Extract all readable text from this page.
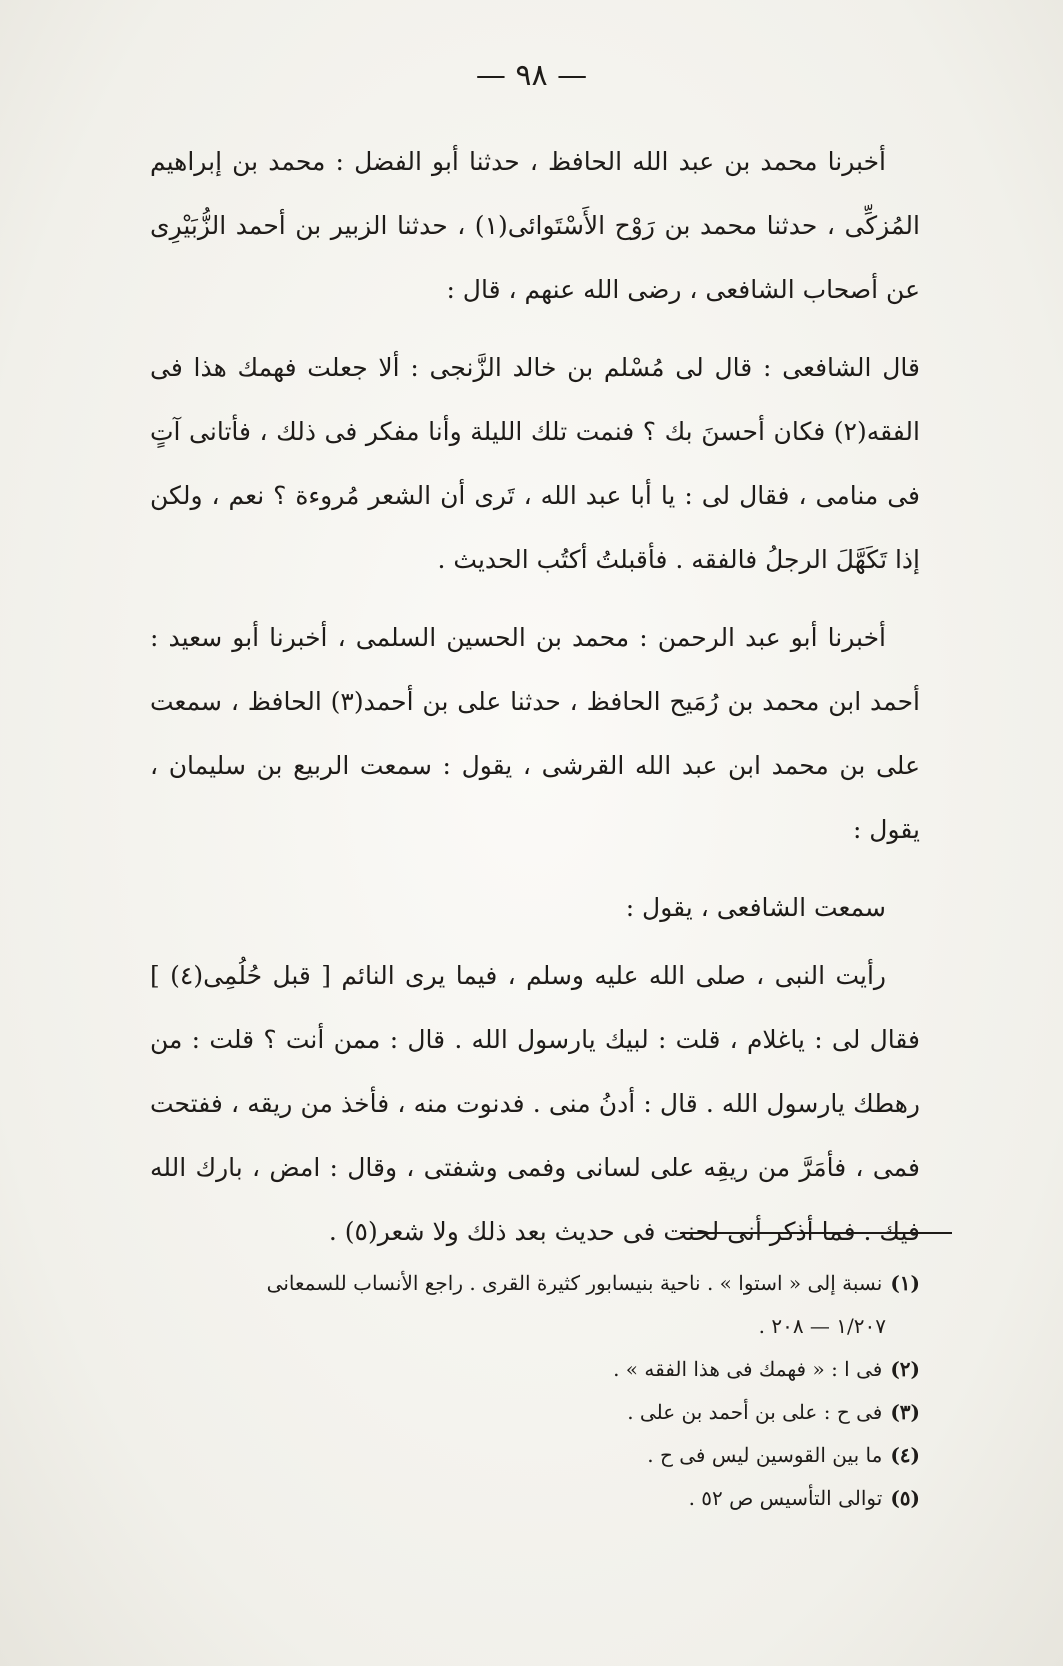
— ٩٨ —

أخبرنا محمد بن عبد الله الحافظ ، حدثنا أبو الفضل : محمد بن إبراهيم المُزكِّى ، حدثنا محمد بن رَوْح الأَسْتَوائى(١) ، حدثنا الزبير بن أحمد الزُّبَيْرِى عن أصحاب الشافعى ، رضى الله عنهم ، قال :

قال الشافعى : قال لى مُسْلم بن خالد الزَّنجى : ألا جعلت فهمك هذا فى الفقه(٢) فكان أحسنَ بك ؟ فنمت تلك الليلة وأنا مفكر فى ذلك ، فأتانى آتٍ فى منامى ، فقال لى : يا أبا عبد الله ، تَرى أن الشعر مُروءة ؟ نعم ، ولكن إذا تَكَهَّلَ الرجلُ فالفقه . فأقبلتُ أكتُب الحديث .

أخبرنا أبو عبد الرحمن : محمد بن الحسين السلمى ، أخبرنا أبو سعيد : أحمد ابن محمد بن رُمَيح الحافظ ، حدثنا على بن أحمد(٣) الحافظ ، سمعت على بن محمد ابن عبد الله القرشى ، يقول : سمعت الربيع بن سليمان ، يقول :

سمعت الشافعى ، يقول :

رأيت النبى ، صلى الله عليه وسلم ، فيما يرى النائم [ قبل حُلُمِى(٤) ] فقال لى : ياغلام ، قلت : لبيك يارسول الله . قال : ممن أنت ؟ قلت : من رهطك يارسول الله . قال : أدنُ منى . فدنوت منه ، فأخذ من ريقه ، ففتحت فمى ، فأمَرَّ من ريقِه على لسانى وفمى وشفتى ، وقال : امض ، بارك الله فيك . فما أذكر أنى لحنت فى حديث بعد ذلك ولا شعر(٥) .

(١)نسبة إلى « استوا » . ناحية بنيسابور كثيرة القرى . راجع الأنساب للسمعانى
١/٢٠٧ — ٢٠٨ .

(٢)فى ا : « فهمك فى هذا الفقه » .

(٣)فى ح : على بن أحمد بن على .

(٤)ما بين القوسين ليس فى ح .

(٥)توالى التأسيس ص ٥٢ .
